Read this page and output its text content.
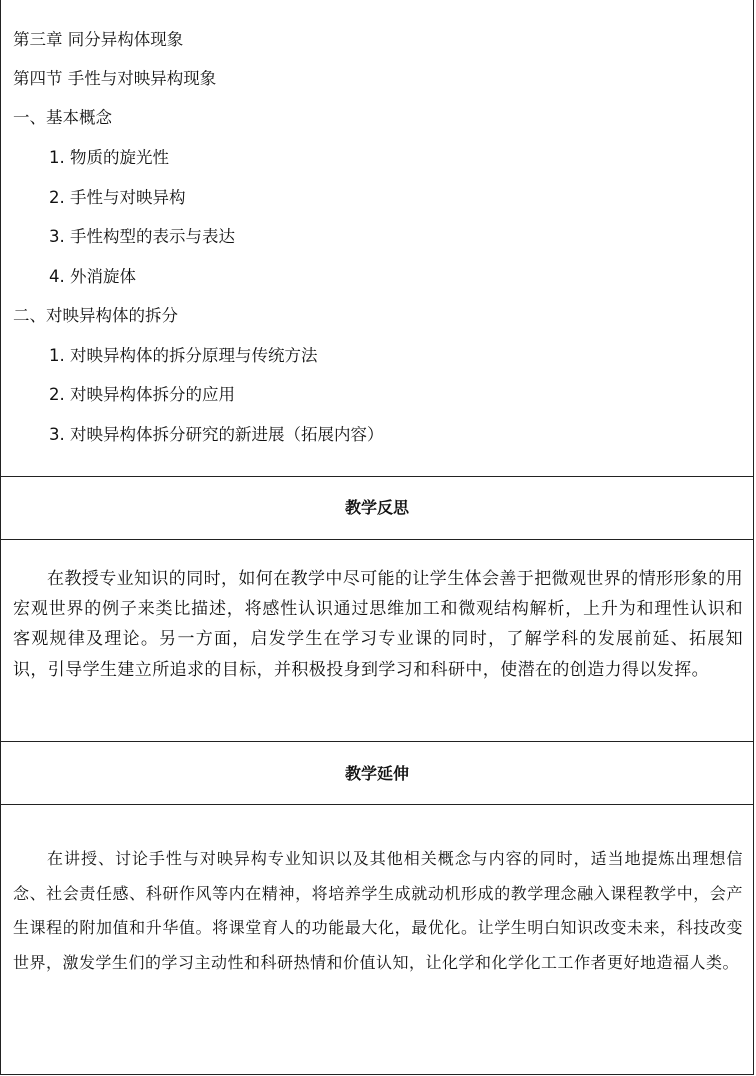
第三章 同分异构体现象
第四节 手性与对映异构现象
一、基本概念
1. 物质的旋光性
2. 手性与对映异构
3. 手性构型的表示与表达
4. 外消旋体
二、对映异构体的拆分
1. 对映异构体的拆分原理与传统方法
2. 对映异构体拆分的应用
3. 对映异构体拆分研究的新进展（拓展内容）
教学反思

在教授专业知识的同时，如何在教学中尽可能的让学生体会善于把微观世界的情形形象的用宏观世界的例子来类比描述，将感性认识通过思维加工和微观结构解析，上升为和理性认识和客观规律及理论。另一方面，启发学生在学习专业课的同时，了解学科的发展前延、拓展知识，引导学生建立所追求的目标，并积极投身到学习和科研中，使潜在的创造力得以发挥。

教学延伸

在讲授、讨论手性与对映异构专业知识以及其他相关概念与内容的同时，适当地提炼出理想信念、社会责任感、科研作风等内在精神，将培养学生成就动机形成的教学理念融入课程教学中，会产生课程的附加值和升华值。将课堂育人的功能最大化，最优化。让学生明白知识改变未来，科技改变世界，激发学生们的学习主动性和科研热情和价值认知，让化学和化学化工工作者更好地造福人类。
